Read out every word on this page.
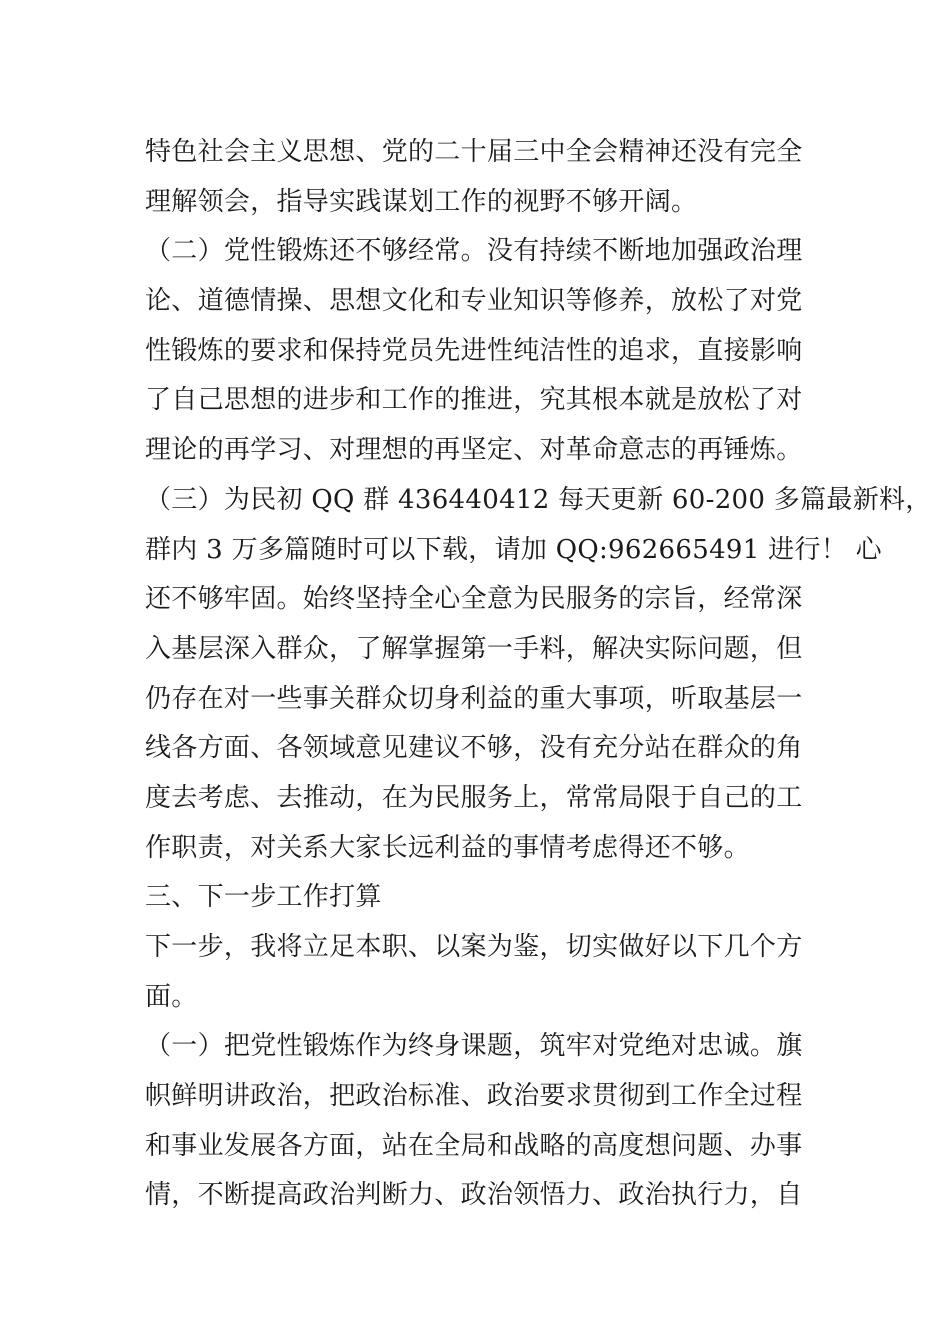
特色社会主义思想、党的二十届三中全会精神还没有完全
理解领会，指导实践谋划工作的视野不够开阔。
（二）党性锻炼还不够经常。没有持续不断地加强政治理
论、道德情操、思想文化和专业知识等修养，放松了对党
性锻炼的要求和保持党员先进性纯洁性的追求，直接影响
了自己思想的进步和工作的推进，究其根本就是放松了对
理论的再学习、对理想的再坚定、对革命意志的再锤炼。
（三）为民初 QQ 群 436440412 每天更新 60-200 多篇最新料，
群内 3 万多篇随时可以下载，请加 QQ:962665491 进行！ 心
还不够牢固。始终坚持全心全意为民服务的宗旨，经常深
入基层深入群众，了解掌握第一手料，解决实际问题，但
仍存在对一些事关群众切身利益的重大事项，听取基层一
线各方面、各领域意见建议不够，没有充分站在群众的角
度去考虑、去推动，在为民服务上，常常局限于自己的工
作职责，对关系大家长远利益的事情考虑得还不够。
三、下一步工作打算
下一步，我将立足本职、以案为鉴，切实做好以下几个方
面。
（一）把党性锻炼作为终身课题，筑牢对党绝对忠诚。旗
帜鲜明讲政治，把政治标准、政治要求贯彻到工作全过程
和事业发展各方面，站在全局和战略的高度想问题、办事
情，不断提高政治判断力、政治领悟力、政治执行力，自
